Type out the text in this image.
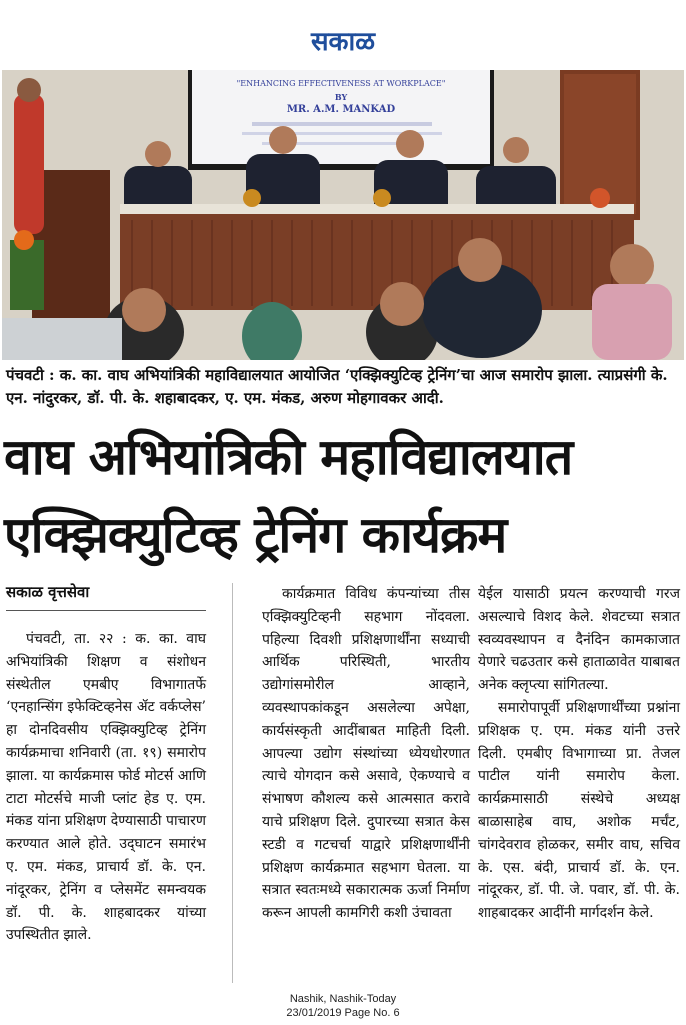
सकाळ
"ENHANCING EFFECTIVENESS AT WORKPLACE"
BY
MR. A.M. MANKAD
पंचवटी : क. का. वाघ अभियांत्रिकी महाविद्यालयात आयोजित ‘एक्झिक्युटिव्ह ट्रेनिंग’चा आज समारोप झाला. त्याप्रसंगी के. एन. नांदुरकर, डॉ. पी. के. शहाबादकर, ए. एम. मंकड, अरुण मोहगावकर आदी.
वाघ अभियांत्रिकी महाविद्यालयात
एक्झिक्युटिव्ह ट्रेनिंग कार्यक्रम
सकाळ वृत्तसेवा

पंचवटी, ता. २२ : क. का. वाघ अभियांत्रिकी शिक्षण व संशोधन संस्थेतील एमबीए विभागातर्फे ‘एनहान्सिंग इफेक्टिव्हनेस ॲट वर्कप्लेस’ हा दोनदिवसीय एक्झिक्युटिव्ह ट्रेनिंग कार्यक्रमाचा शनिवारी (ता. १९) समारोप झाला. या कार्यक्रमास फोर्ड मोटर्स आणि टाटा मोटर्सचे माजी प्लांट हेड ए. एम. मंकड यांना प्रशिक्षण देण्यासाठी पाचारण करण्यात आले होते. उद्‌घाटन समारंभ ए. एम. मंकड, प्राचार्य डॉ. के. एन. नांदूरकर, ट्रेनिंग व प्लेसमेंट समन्वयक डॉ. पी. के. शाहबादकर यांच्या उपस्थितीत झाले.

कार्यक्रमात विविध कंपन्यांच्या तीस एक्झिक्युटिव्हनी सहभाग नोंदवला. पहिल्या दिवशी प्रशिक्षणार्थींना सध्याची आर्थिक परिस्थिती, भारतीय उद्योगांसमोरील आव्हाने, व्यवस्थापकांकडून असलेल्या अपेक्षा, कार्यसंस्कृती आदींबाबत माहिती दिली. आपल्या उद्योग संस्थांच्या ध्येयधोरणात त्याचे योगदान कसे असावे, ऐकण्याचे व संभाषण कौशल्य कसे आत्मसात करावे याचे प्रशिक्षण दिले. दुपारच्या सत्रात केस स्टडी व गटचर्चा याद्वारे प्रशिक्षणार्थींनी प्रशिक्षण कार्यक्रमात सहभाग घेतला. या सत्रात स्वतःमध्ये सकारात्मक ऊर्जा निर्माण करून आपली कामगिरी कशी उंचावता

येईल यासाठी प्रयत्न करण्याची गरज असल्याचे विशद केले. शेवटच्या सत्रात स्वव्यवस्थापन व दैनंदिन कामकाजात येणारे चढउतार कसे हाताळावेत याबाबत अनेक क्लृप्त्या सांगितल्या.

समारोपापूर्वी प्रशिक्षणार्थींच्या प्रश्नांना प्रशिक्षक ए. एम. मंकड यांनी उत्तरे दिली. एमबीए विभागाच्या प्रा. तेजल पाटील यांनी समारोप केला. कार्यक्रमासाठी संस्थेचे अध्यक्ष बाळासाहेब वाघ, अशोक मर्चंट, चांगदेवराव होळकर, समीर वाघ, सचिव के. एस. बंदी, प्राचार्य डॉ. के. एन. नांदूरकर, डॉ. पी. जे. पवार, डॉ. पी. के. शाहबादकर आदींनी मार्गदर्शन केले.

Nashik, Nashik-Today
23/01/2019 Page No. 6
